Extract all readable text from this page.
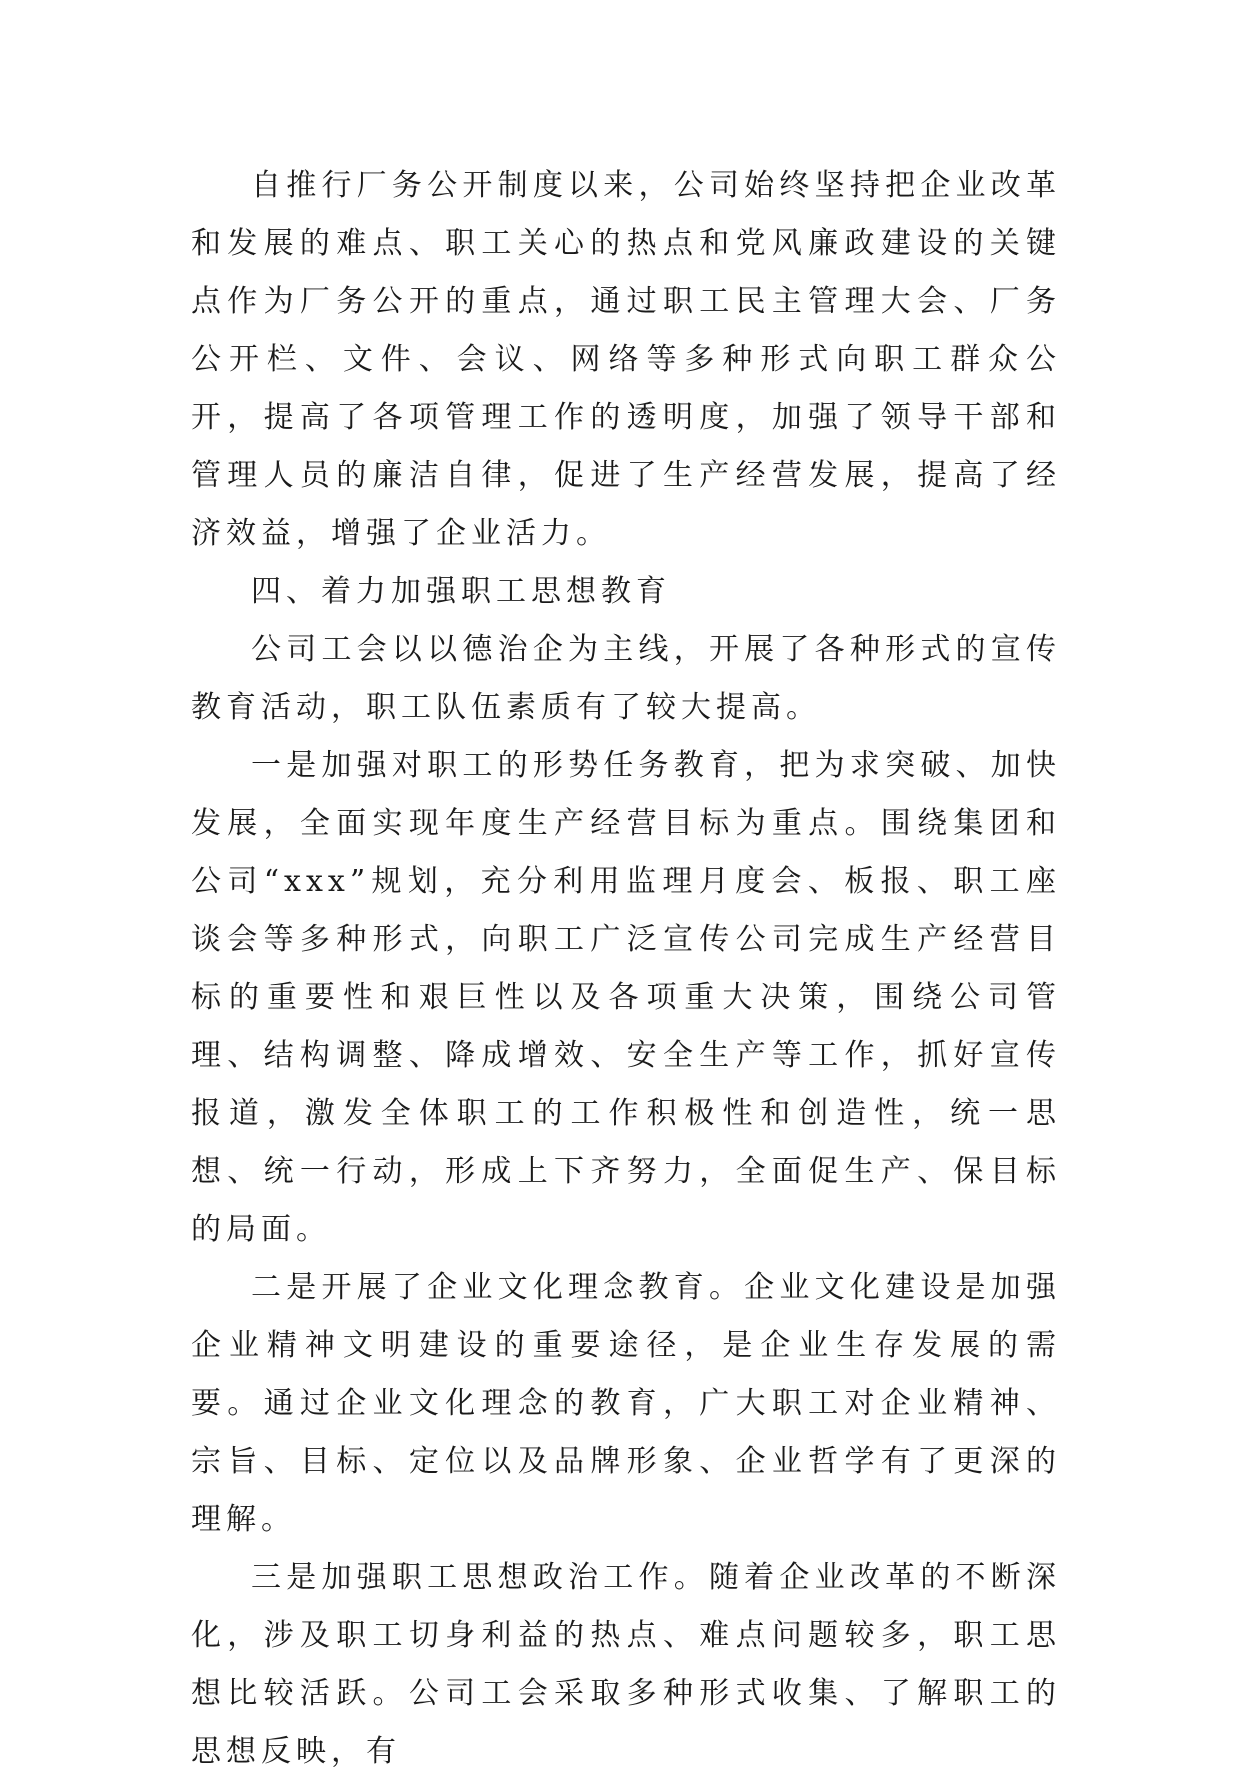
自推行厂务公开制度以来，公司始终坚持把企业改革和发展的难点、职工关心的热点和党风廉政建设的关键点作为厂务公开的重点，通过职工民主管理大会、厂务公开栏、文件、会议、网络等多种形式向职工群众公开，提高了各项管理工作的透明度，加强了领导干部和管理人员的廉洁自律，促进了生产经营发展，提高了经济效益，增强了企业活力。

四、着力加强职工思想教育

公司工会以以德治企为主线，开展了各种形式的宣传教育活动，职工队伍素质有了较大提高。

一是加强对职工的形势任务教育，把为求突破、加快发展，全面实现年度生产经营目标为重点。围绕集团和公司“xxx”规划，充分利用监理月度会、板报、职工座谈会等多种形式，向职工广泛宣传公司完成生产经营目标的重要性和艰巨性以及各项重大决策，围绕公司管理、结构调整、降成增效、安全生产等工作，抓好宣传报道，激发全体职工的工作积极性和创造性，统一思想、统一行动，形成上下齐努力，全面促生产、保目标的局面。

二是开展了企业文化理念教育。企业文化建设是加强企业精神文明建设的重要途径，是企业生存发展的需要。通过企业文化理念的教育，广大职工对企业精神、宗旨、目标、定位以及品牌形象、企业哲学有了更深的理解。

三是加强职工思想政治工作。随着企业改革的不断深化，涉及职工切身利益的热点、难点问题较多，职工思想比较活跃。公司工会采取多种形式收集、了解职工的思想反映，有
